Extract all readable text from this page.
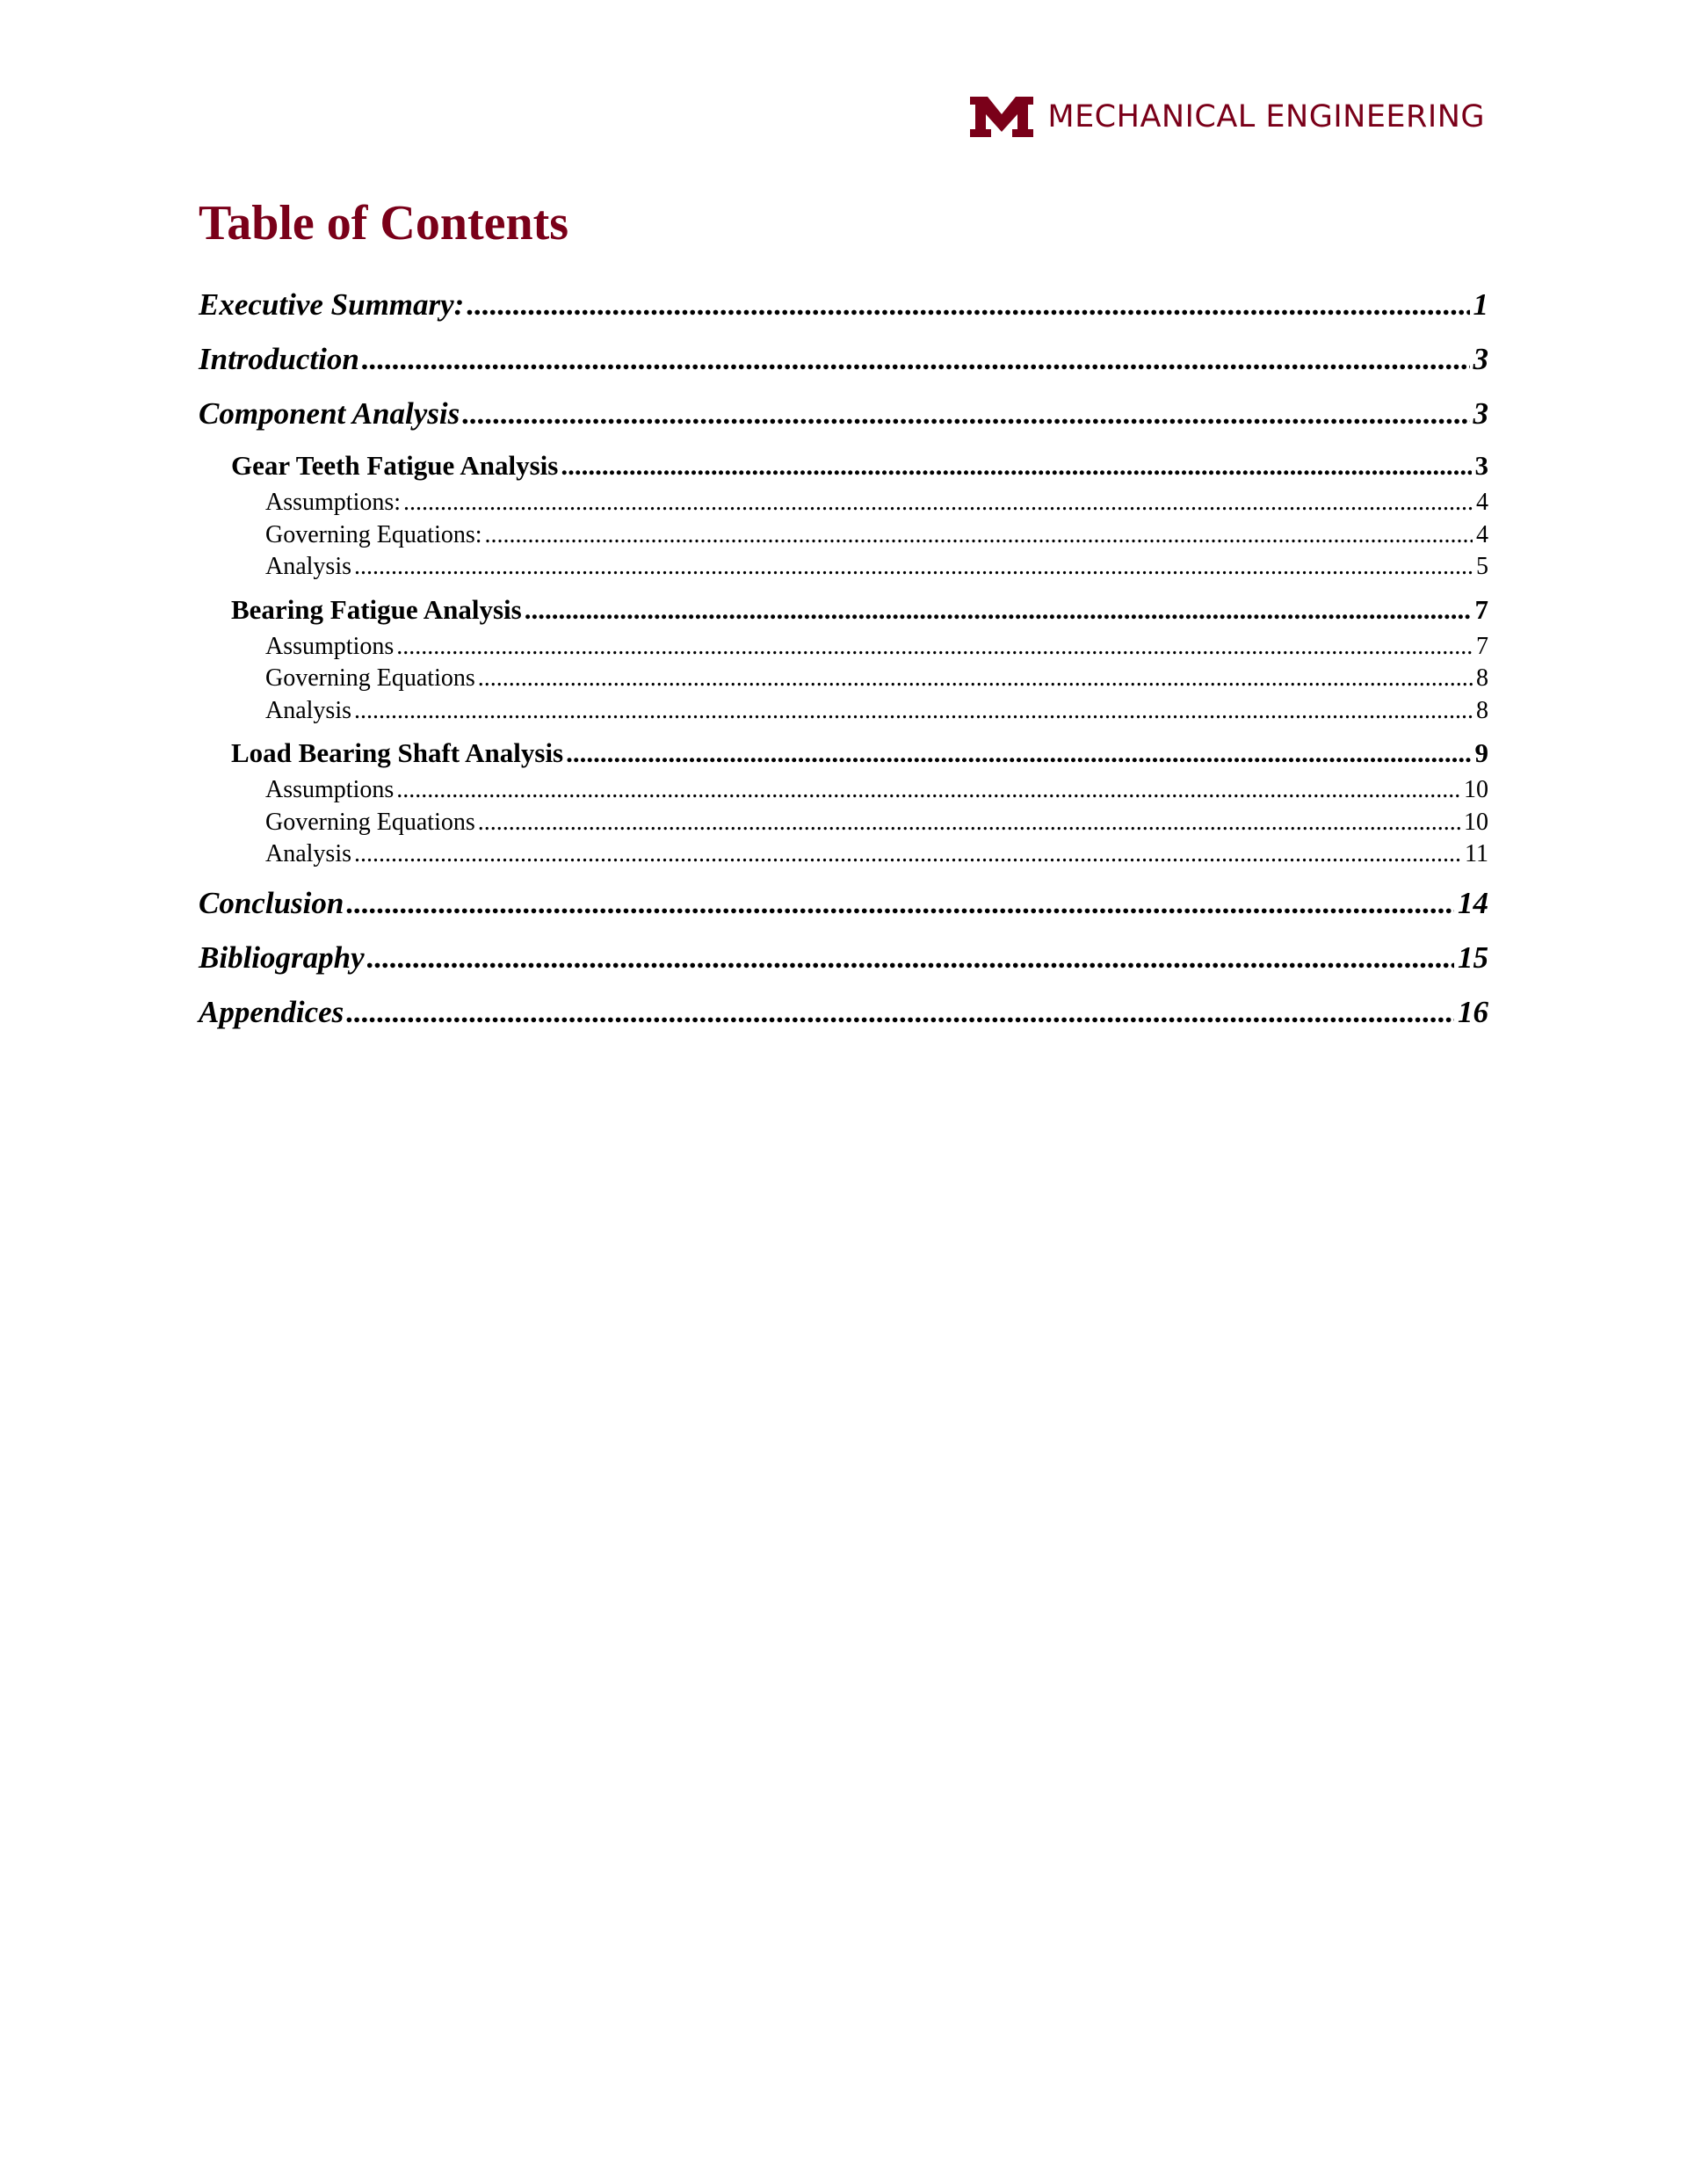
MECHANICAL ENGINEERING
Table of Contents
Executive Summary: .....	1
Introduction .....	3
Component Analysis .....	3
Gear Teeth Fatigue Analysis .....	3
Assumptions: .....	4
Governing Equations: .....	4
Analysis .....	5
Bearing Fatigue Analysis .....	7
Assumptions .....	7
Governing Equations .....	8
Analysis .....	8
Load Bearing Shaft Analysis .....	9
Assumptions .....	10
Governing Equations .....	10
Analysis .....	11
Conclusion .....	14
Bibliography .....	15
Appendices .....	16
